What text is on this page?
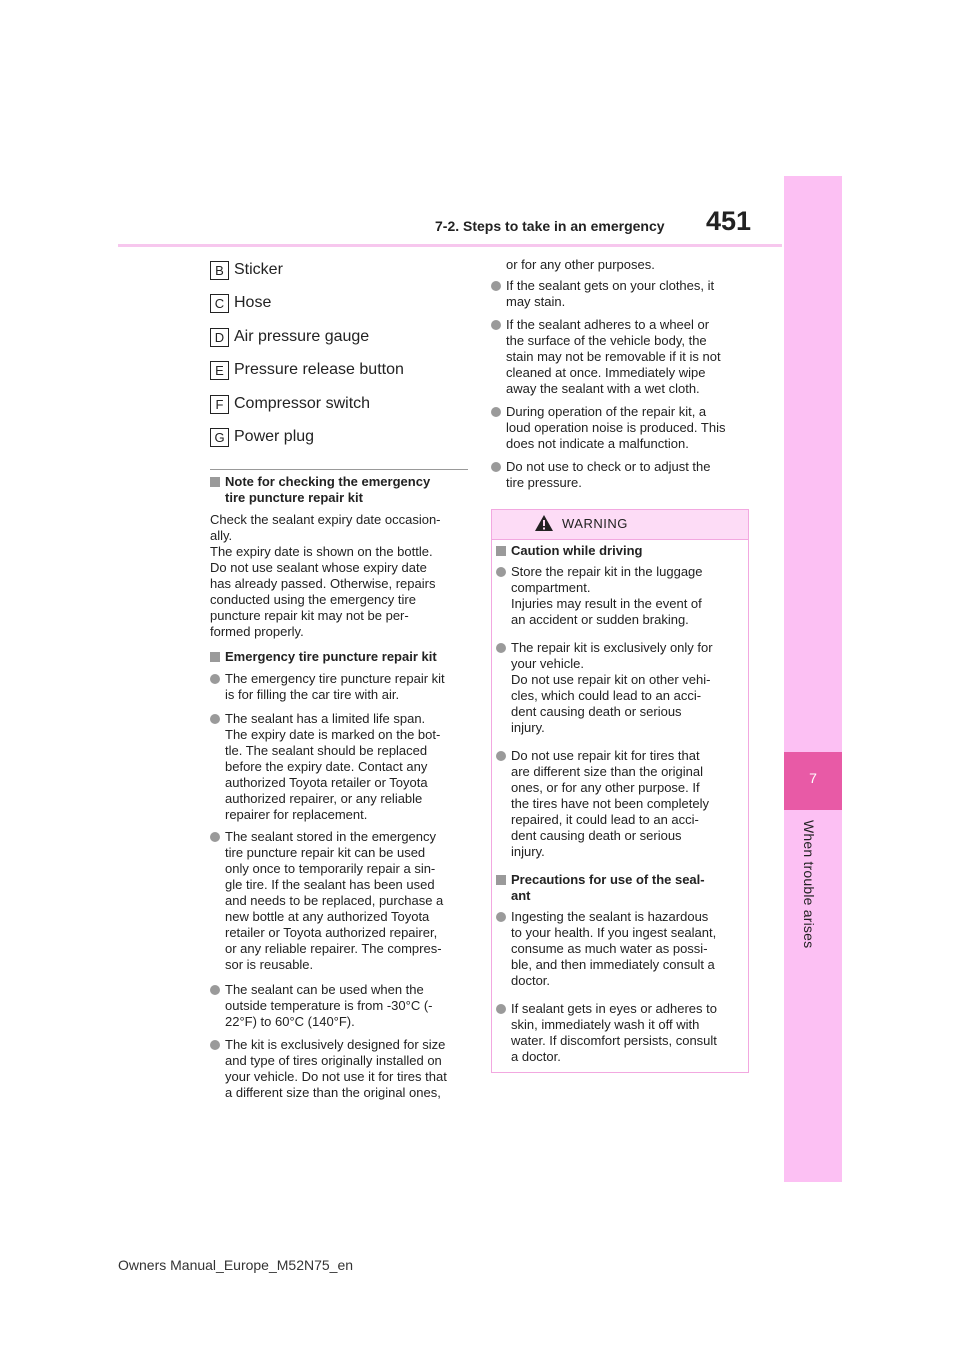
7-2. Steps to take in an emergency 451
7
When trouble arises
B Sticker
C Hose
D Air pressure gauge
E Pressure release button
F Compressor switch
G Power plug
Note for checking the emergency
tire puncture repair kit
Check the sealant expiry date occasion-
ally.
The expiry date is shown on the bottle.
Do not use sealant whose expiry date
has already passed. Otherwise, repairs
conducted using the emergency tire
puncture repair kit may not be per-
formed properly.
Emergency tire puncture repair kit
The emergency tire puncture repair kit
is for filling the car tire with air.
The sealant has a limited life span.
The expiry date is marked on the bot-
tle. The sealant should be replaced
before the expiry date. Contact any
authorized Toyota retailer or Toyota
authorized repairer, or any reliable
repairer for replacement.
The sealant stored in the emergency
tire puncture repair kit can be used
only once to temporarily repair a sin-
gle tire. If the sealant has been used
and needs to be replaced, purchase a
new bottle at any authorized Toyota
retailer or Toyota authorized repairer,
or any reliable repairer. The compres-
sor is reusable.
The sealant can be used when the
outside temperature is from -30°C (-
22°F) to 60°C (140°F).
The kit is exclusively designed for size
and type of tires originally installed on
your vehicle. Do not use it for tires that
a different size than the original ones,
or for any other purposes.
If the sealant gets on your clothes, it
may stain.
If the sealant adheres to a wheel or
the surface of the vehicle body, the
stain may not be removable if it is not
cleaned at once. Immediately wipe
away the sealant with a wet cloth.
During operation of the repair kit, a
loud operation noise is produced. This
does not indicate a malfunction.
Do not use to check or to adjust the
tire pressure.
WARNING
Caution while driving
Store the repair kit in the luggage
compartment.
Injuries may result in the event of
an accident or sudden braking.
The repair kit is exclusively only for
your vehicle.
Do not use repair kit on other vehi-
cles, which could lead to an acci-
dent causing death or serious
injury.
Do not use repair kit for tires that
are different size than the original
ones, or for any other purpose. If
the tires have not been completely
repaired, it could lead to an acci-
dent causing death or serious
injury.
Precautions for use of the seal-
ant
Ingesting the sealant is hazardous
to your health. If you ingest sealant,
consume as much water as possi-
ble, and then immediately consult a
doctor.
If sealant gets in eyes or adheres to
skin, immediately wash it off with
water. If discomfort persists, consult
a doctor.
Owners Manual_Europe_M52N75_en
